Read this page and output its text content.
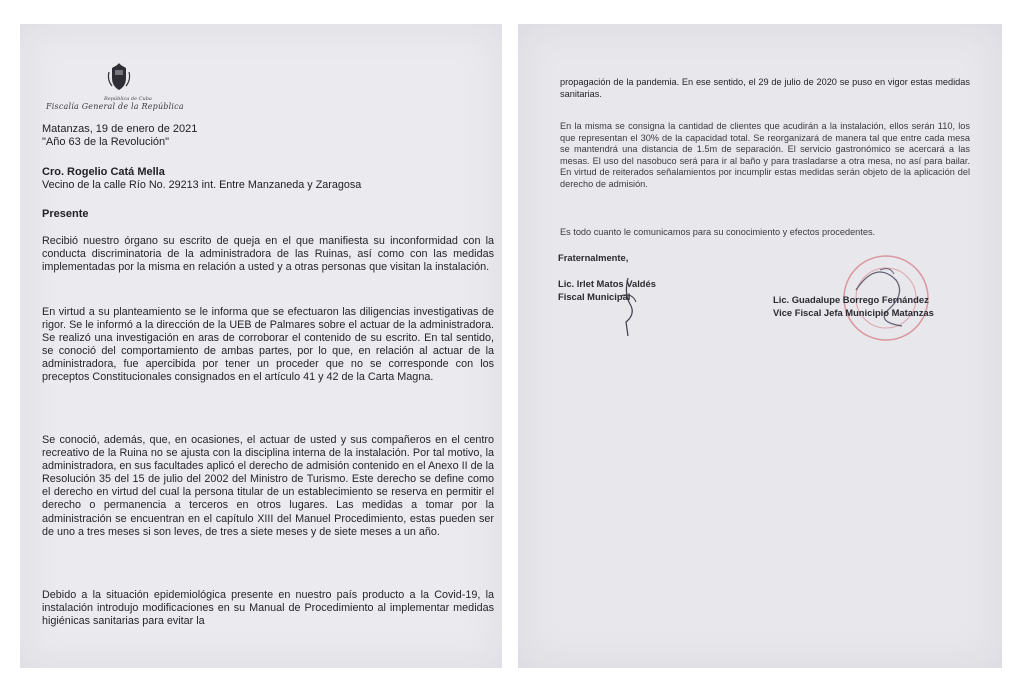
República de Cuba
Fiscalía General de la República
Matanzas, 19 de enero de 2021
"Año 63 de la Revolución"
Cro. Rogelio Catá Mella
Vecino de la calle Río No. 29213 int. Entre Manzaneda y Zaragosa
Presente
Recibió nuestro órgano su escrito de queja en el que manifiesta su inconformidad con la conducta discriminatoria de la administradora de las Ruinas, así como con las medidas implementadas por la misma en relación a usted y a otras personas que visitan la instalación.
En virtud a su planteamiento se le informa que se efectuaron las diligencias investigativas de rigor. Se le informó a la dirección de la UEB de Palmares sobre el actuar de la administradora. Se realizó una investigación en aras de corroborar el contenido de su escrito. En tal sentido, se conoció del comportamiento de ambas partes, por lo que, en relación al actuar de la administradora, fue apercibida por tener un proceder que no se corresponde con los preceptos Constitucionales consignados en el artículo 41 y 42 de la Carta Magna.
Se conoció, además, que, en ocasiones, el actuar de usted y sus compañeros en el centro recreativo de la Ruina no se ajusta con la disciplina interna de la instalación. Por tal motivo, la administradora, en sus facultades aplicó el derecho de admisión contenido en el Anexo II de la Resolución 35 del 15 de julio del 2002 del Ministro de Turismo. Este derecho se define como el derecho en virtud del cual la persona titular de un establecimiento se reserva en permitir el derecho o permanencia a terceros en otros lugares. Las medidas a tomar por la administración se encuentran en el capítulo XIII del Manuel Procedimiento, estas pueden ser de uno a tres meses si son leves, de tres a siete meses y de siete meses a un año.
Debido a la situación epidemiológica presente en nuestro país producto a la Covid-19, la instalación introdujo modificaciones en su Manual de Procedimiento al implementar medidas higiénicas sanitarias para evitar la
propagación de la pandemia. En ese sentido, el 29 de julio de 2020 se puso en vigor estas medidas sanitarias.
En la misma se consigna la cantidad de clientes que acudirán a la instalación, ellos serán 110, los que representan el 30% de la capacidad total. Se reorganizará de manera tal que entre cada mesa se mantendrá una distancia de 1.5m de separación. El servicio gastronómico se acercará a las mesas. El uso del nasobuco será para ir al baño y para trasladarse a otra mesa, no así para bailar. En virtud de reiterados señalamientos por incumplir estas medidas serán objeto de la aplicación del derecho de admisión.
Es todo cuanto le comunicamos para su conocimiento y efectos procedentes.
Fraternalmente,
Lic. Irlet Matos Valdés
Fiscal Municipal	Lic. Guadalupe Borrego Fernández
Vice Fiscal Jefa Municipio Matanzas
